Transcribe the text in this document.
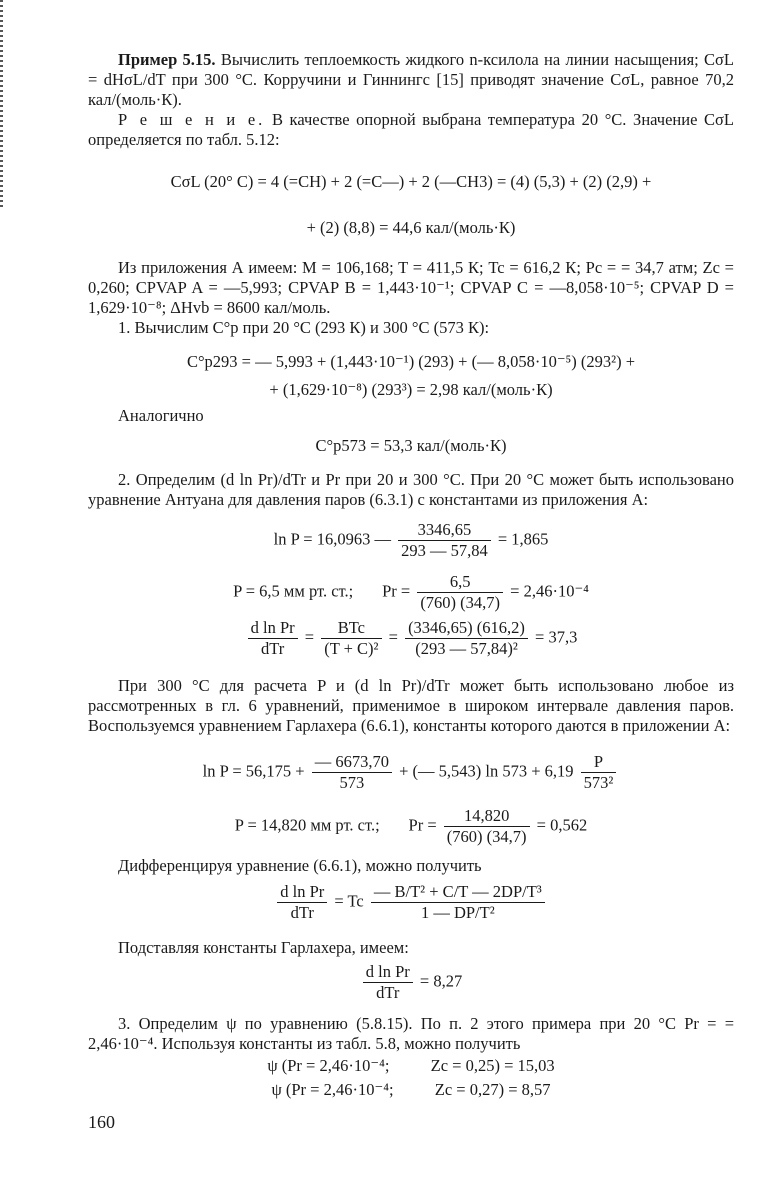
Пример 5.15. Вычислить теплоемкость жидкого n-ксилола на линии насыщения; CσL = dHσL/dT при 300 °C. Корручини и Гиннингс [15] приводят значение CσL, равное 70,2 кал/(моль·К).
Р е ш е н и е. В качестве опорной выбрана температура 20 °C. Значение CσL определяется по табл. 5.12:
CσL (20° C) = 4 (=CH) + 2 (=C—) + 2 (—CH3) = (4) (5,3) + (2) (2,9) +
+ (2) (8,8) = 44,6 кал/(моль·К)
Из приложения А имеем: M = 106,168; T = 411,5 К; Tc = 616,2 К; Pc = = 34,7 атм; Zc = 0,260; CPVAP A = —5,993; CPVAP B = 1,443·10⁻¹; CPVAP C = —8,058·10⁻⁵; CPVAP D = 1,629·10⁻⁸; ΔHvb = 8600 кал/моль.
1. Вычислим C°p при 20 °C (293 К) и 300 °C (573 К):
C°p293 = — 5,993 + (1,443·10⁻¹) (293) + (— 8,058·10⁻⁵) (293²) +
+ (1,629·10⁻⁸) (293³) = 2,98 кал/(моль·К)
Аналогично
C°p573 = 53,3 кал/(моль·К)
2. Определим (d ln Pr)/dTr и Pr при 20 и 300 °C. При 20 °C может быть использовано уравнение Антуана для давления паров (6.3.1) с константами из приложения А:
ln P = 16,0963 — $\frac{3346,65}{293 — 57,84} = 1,865$
P = 6,5 мм рт. ст.; $Pr = \frac{6,5}{(760) (34,7)} = 2,46\cdot 10^{-4}$
$\frac{\text{d ln Pr}}{\text{dTr}} = \frac{\text{BTc}}{\text{(T + C)²}} = \frac{(3346,65) (616,2)}{\text{(293 — 57,84)²}} = 37,3$
При 300 °C для расчета P и (d ln Pr)/dTr может быть использовано любое из рассмотренных в гл. 6 уравнений, применимое в широком интервале давления паров. Воспользуемся уравнением Гарлахера (6.6.1), константы которого даются в приложении А:
$\ln P = 56,175 + \frac{— 6673,70}{573}$ + (— 5,543) $\ln 573 + 6,19 \frac{P}{\text{573²}}$
P = 14,820 мм рт. ст.; $Pr = \frac{14,820}{(760) (34,7)} = 0,562$
Дифференцируя уравнение (6.6.1), можно получить
$\frac{\text{d ln Pr}}{\text{dTr}} = Tc \frac{\text{— B/T² + C/T — 2DP/T³}}{\text{1 — DP/T²}}$
Подставляя константы Гарлахера, имеем:
$\frac{\text{d ln Pr}}{\text{dTr}} = 8,27$
3. Определим ψ по уравнению (5.8.15). По п. 2 этого примера при 20 °C Pr = = 2,46·10⁻⁴. Используя константы из табл. 5.8, можно получить
ψ (Pr = 2,46·10⁻⁴;          Zc = 0,25) = 15,03
ψ (Pr = 2,46·10⁻⁴;          Zc = 0,27) = 8,57
160
